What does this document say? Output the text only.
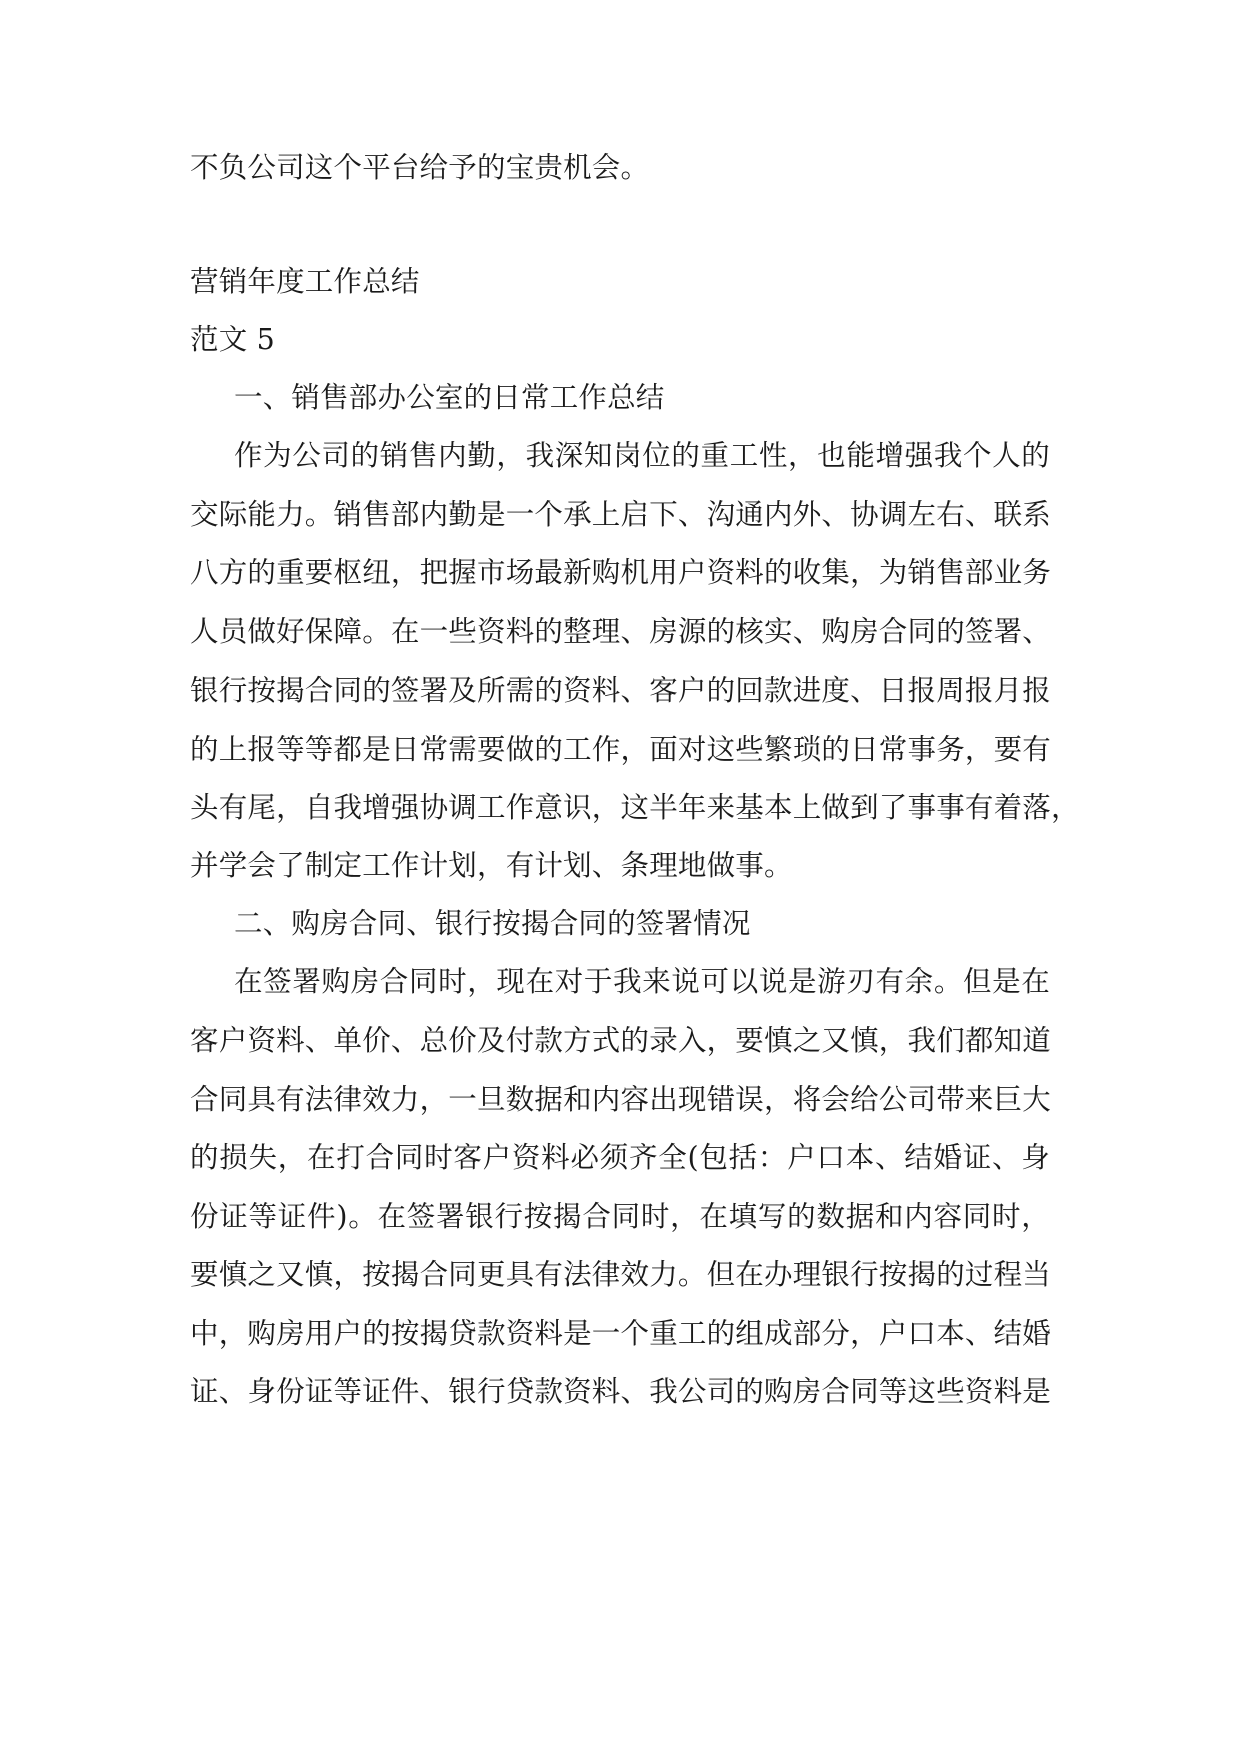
不负公司这个平台给予的宝贵机会。
营销年度工作总结
范文 5
一、销售部办公室的日常工作总结
作为公司的销售内勤，我深知岗位的重工性，也能增强我个人的
交际能力。销售部内勤是一个承上启下、沟通内外、协调左右、联系
八方的重要枢纽，把握市场最新购机用户资料的收集，为销售部业务
人员做好保障。在一些资料的整理、房源的核实、购房合同的签署、
银行按揭合同的签署及所需的资料、客户的回款进度、日报周报月报
的上报等等都是日常需要做的工作，面对这些繁琐的日常事务，要有
头有尾，自我增强协调工作意识，这半年来基本上做到了事事有着落，
并学会了制定工作计划，有计划、条理地做事。
二、购房合同、银行按揭合同的签署情况
在签署购房合同时，现在对于我来说可以说是游刃有余。但是在
客户资料、单价、总价及付款方式的录入，要慎之又慎，我们都知道
合同具有法律效力，一旦数据和内容出现错误，将会给公司带来巨大
的损失，在打合同时客户资料必须齐全(包括：户口本、结婚证、身
份证等证件)。在签署银行按揭合同时，在填写的数据和内容同时，
要慎之又慎，按揭合同更具有法律效力。但在办理银行按揭的过程当
中，购房用户的按揭贷款资料是一个重工的组成部分，户口本、结婚
证、身份证等证件、银行贷款资料、我公司的购房合同等这些资料是
